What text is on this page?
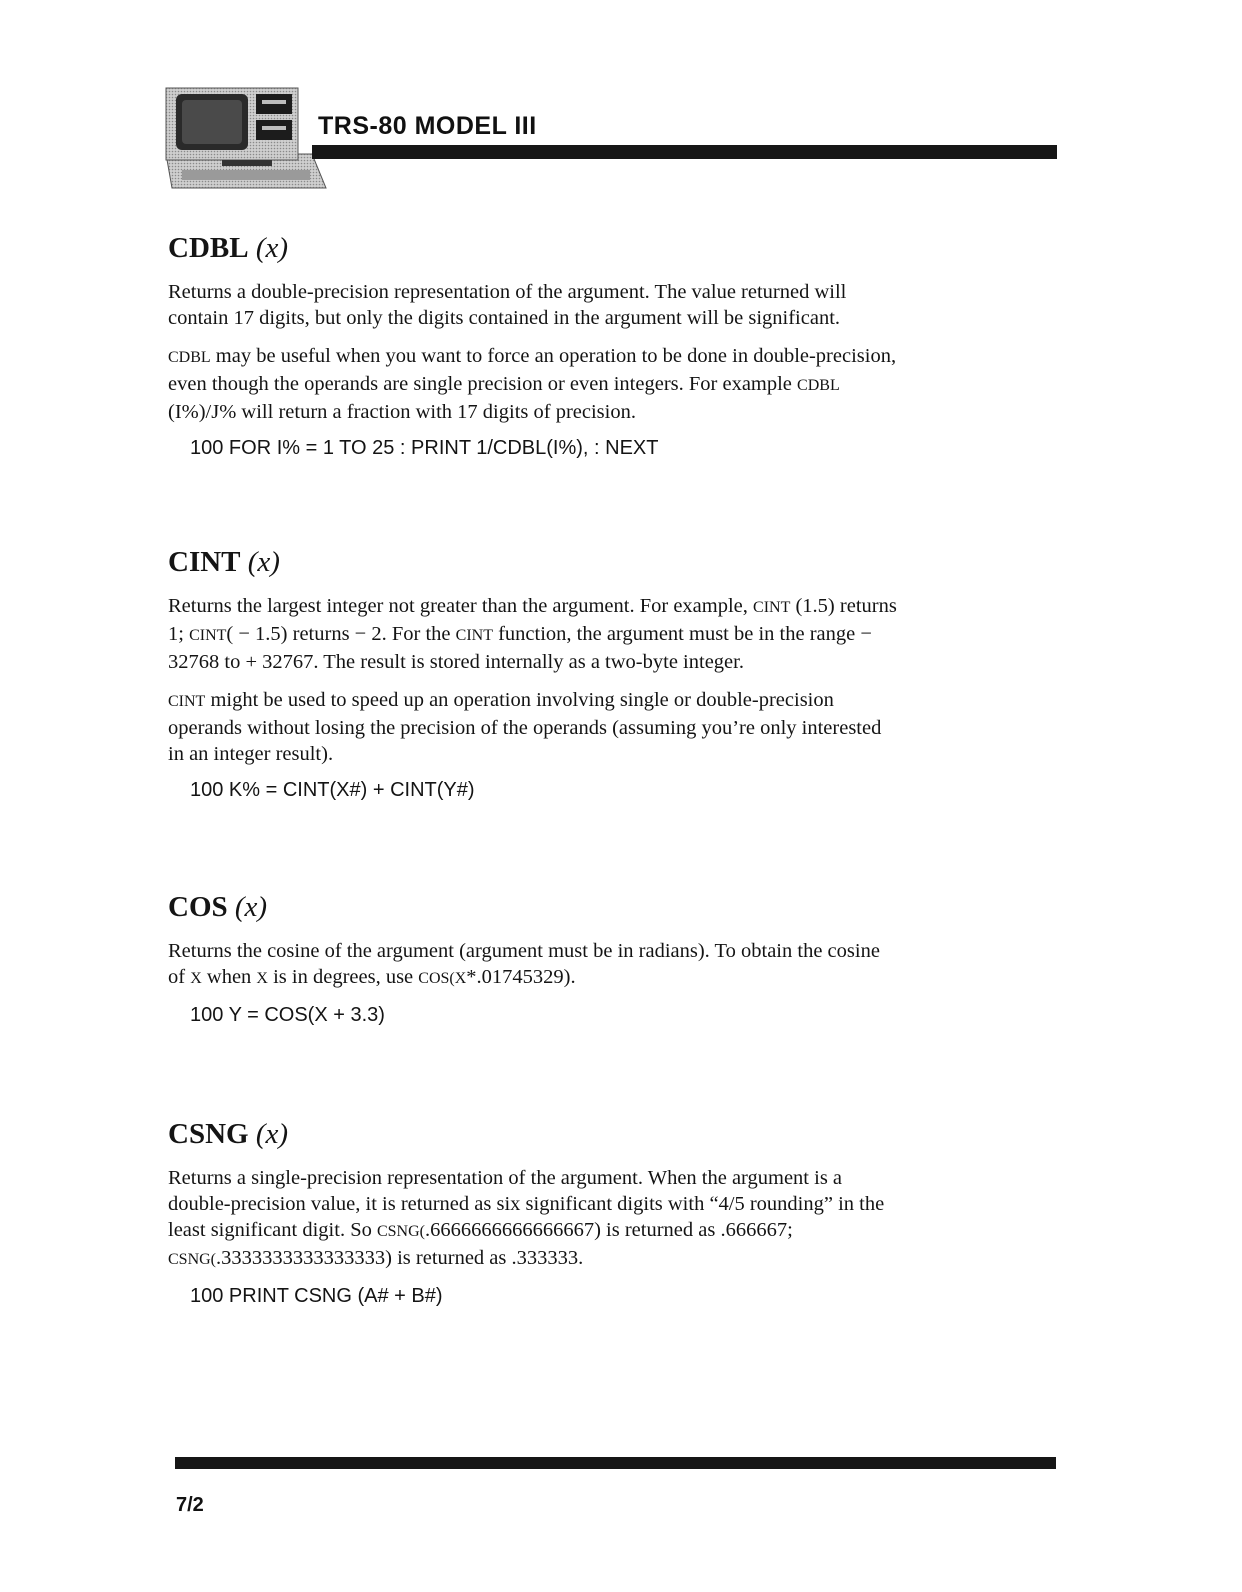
TRS-80 MODEL III
CDBL (x)

Returns a double-precision representation of the argument. The value returned will contain 17 digits, but only the digits contained in the argument will be significant.

CDBL may be useful when you want to force an operation to be done in double-precision, even though the operands are single precision or even integers. For example CDBL (I%)/J% will return a fraction with 17 digits of precision.

100 FOR I% = 1 TO 25 : PRINT 1/CDBL(I%), : NEXT
CINT (x)

Returns the largest integer not greater than the argument. For example, CINT (1.5) returns 1; CINT( − 1.5) returns − 2. For the CINT function, the argument must be in the range − 32768 to + 32767. The result is stored internally as a two-byte integer.

CINT might be used to speed up an operation involving single or double-precision operands without losing the precision of the operands (assuming you’re only interested in an integer result).

100 K% = CINT(X#) + CINT(Y#)
COS (x)

Returns the cosine of the argument (argument must be in radians). To obtain the cosine of X when X is in degrees, use COS(X*.01745329).

100 Y = COS(X + 3.3)
CSNG (x)

Returns a single-precision representation of the argument. When the argument is a double-precision value, it is returned as six significant digits with “4/5 rounding” in the least significant digit. So CSNG(.6666666666666667) is returned as .666667; CSNG(.3333333333333333) is returned as .333333.

100 PRINT CSNG (A# + B#)
7/2
